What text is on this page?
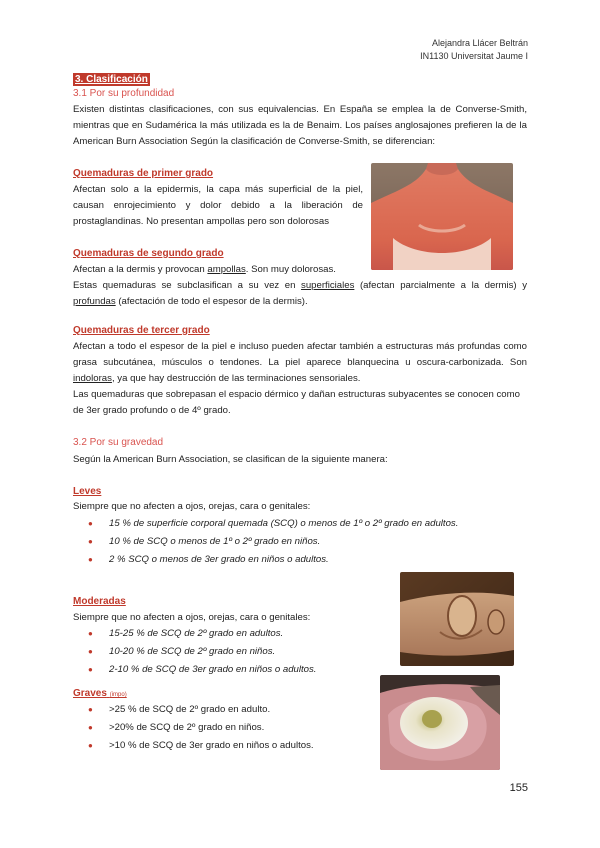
Alejandra Llácer Beltrán
IN1130 Universitat Jaume I
3. Clasificación
3.1 Por su profundidad
Existen distintas clasificaciones, con sus equivalencias. En España se emplea la de Converse-Smith, mientras que en Sudamérica la más utilizada es la de Benaim. Los países anglosajones prefieren la de la American Burn Association Según la clasificación de Converse-Smith, se diferencian:
Quemaduras de primer grado
Afectan solo a la epidermis, la capa más superficial de la piel, causan enrojecimiento y dolor debido a la liberación de prostaglandinas. No presentan ampollas pero son dolorosas
Quemaduras de segundo grado
Afectan a la dermis y provocan ampollas. Son muy dolorosas.
Estas quemaduras se subclasifican a su vez en superficiales (afectan parcialmente a la dermis) y profundas (afectación de todo el espesor de la dermis).
Quemaduras de tercer grado
Afectan a todo el espesor de la piel e incluso pueden afectar también a estructuras más profundas como grasa subcutánea, músculos o tendones. La piel aparece blanquecina u oscura-carbonizada. Son indoloras, ya que hay destrucción de las terminaciones sensoriales.
Las quemaduras que sobrepasan el espacio dérmico y dañan estructuras subyacentes se conocen como de 3er grado profundo o de 4º grado.
3.2 Por su gravedad
Según la American Burn Association, se clasifican de la siguiente manera:
Leves
Siempre que no afecten a ojos, orejas, cara o genitales:
● 15 % de superficie corporal quemada (SCQ) o menos de 1º o 2º grado en adultos.
● 10 % de SCQ o menos de 1º o 2º grado en niños.
● 2 % SCQ o menos de 3er grado en niños o adultos.
Moderadas
Siempre que no afecten a ojos, orejas, cara o genitales:
● 15-25 % de SCQ de 2º grado en adultos.
● 10-20 % de SCQ de 2º grado en niños.
● 2-10 % de SCQ de 3er grado en niños o adultos.
Graves (impo)
● >25 % de SCQ de 2º grado en adulto.
● >20% de SCQ de 2º grado en niños.
● >10 % de SCQ de 3er grado en niños o adultos.
155
